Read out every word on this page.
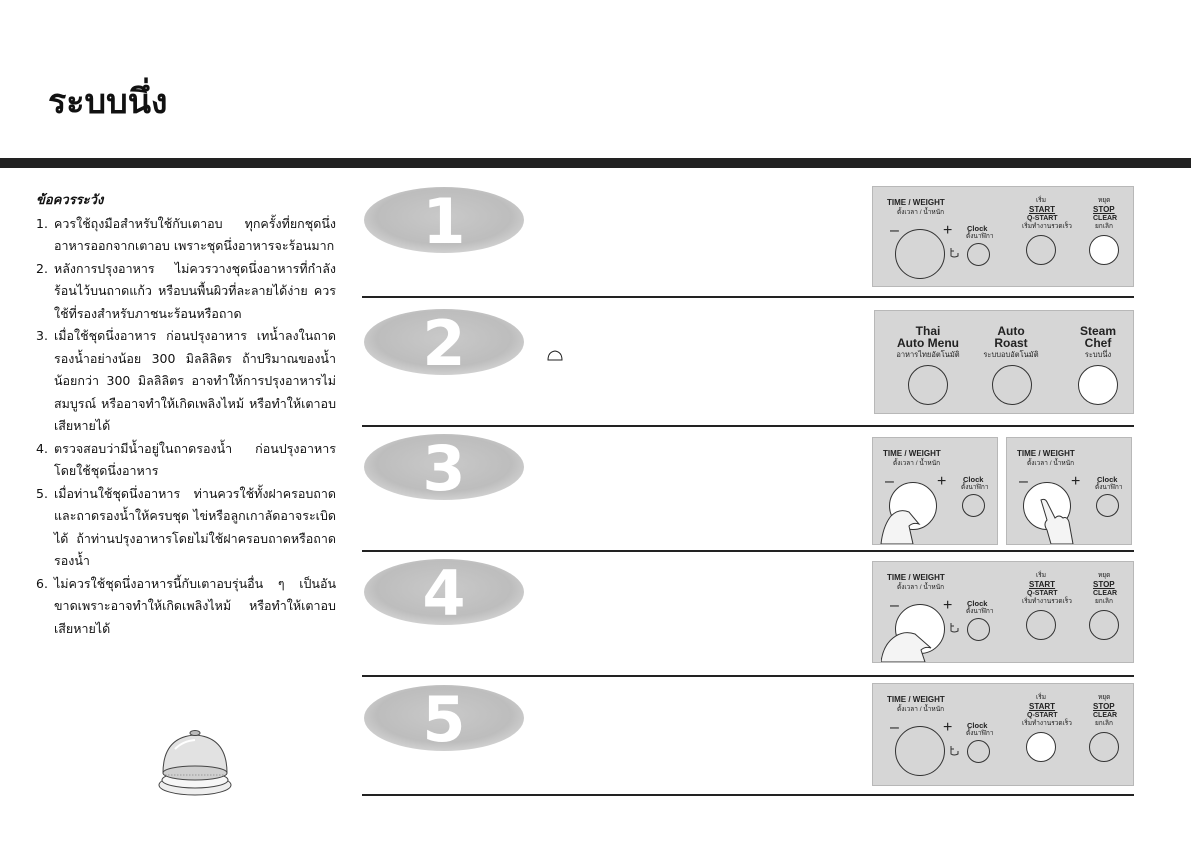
ระบบนึ่ง
ข้อควรระวัง
1. ควรใช้ถุงมือสำหรับใช้กับเตาอบ ทุกครั้งที่ยกชุดนึ่งอาหารออกจากเตาอบ เพราะชุดนึ่งอาหารจะร้อนมาก
2. หลังการปรุงอาหาร ไม่ควรวางชุดนึ่งอาหารที่กำลังร้อนไว้บนถาดแก้ว หรือบนพื้นผิวที่ละลายได้ง่าย ควรใช้ที่รองสำหรับภาชนะร้อนหรือถาด
3. เมื่อใช้ชุดนึ่งอาหาร ก่อนปรุงอาหาร เทน้ำลงในถาดรองน้ำอย่างน้อย 300 มิลลิลิตร ถ้าปริมาณของน้ำน้อยกว่า 300 มิลลิลิตร อาจทำให้การปรุงอาหารไม่สมบูรณ์ หรืออาจทำให้เกิดเพลิงไหม้ หรือทำให้เตาอบเสียหายได้
4. ตรวจสอบว่ามีน้ำอยู่ในถาดรองน้ำ ก่อนปรุงอาหารโดยใช้ชุดนึ่งอาหาร
5. เมื่อท่านใช้ชุดนึ่งอาหาร ท่านควรใช้ทั้งฝาครอบถาดและถาดรองน้ำให้ครบชุด ไข่หรือลูกเกาลัดอาจระเบิดได้ ถ้าท่านปรุงอาหารโดยไม่ใช้ฝาครอบถาดหรือถาดรองน้ำ
6. ไม่ควรใช้ชุดนึ่งอาหารนี้กับเตาอบรุ่นอื่น ๆ เป็นอันขาดเพราะอาจทำให้เกิดเพลิงไหม้ หรือทำให้เตาอบเสียหายได้
1	TIME / WEIGHT
ตั้งเวลา / น้ำหนัก
–	+ Clock
ตั้งนาฬิกา
เริ่ม
START
Q-START
เริ่มทำงานรวดเร็ว
หยุด
STOP
CLEAR
ยกเลิก
2	Thai
Auto Menu
อาหารไทยอัตโนมัติ
Auto
Roast
ระบบอบอัตโนมัติ
Steam
Chef
ระบบนึ่ง
3	TIME / WEIGHT
ตั้งเวลา / น้ำหนัก
–	+ Clock
ตั้งนาฬิกา
TIME / WEIGHT
ตั้งเวลา / น้ำหนัก
–	+ Clock
ตั้งนาฬิกา
4	TIME / WEIGHT
ตั้งเวลา / น้ำหนัก
–	+ Clock
ตั้งนาฬิกา
เริ่ม
START
Q-START
เริ่มทำงานรวดเร็ว
หยุด
STOP
CLEAR
ยกเลิก
5	TIME / WEIGHT
ตั้งเวลา / น้ำหนัก
–	+ Clock
ตั้งนาฬิกา
เริ่ม
START
Q-START
เริ่มทำงานรวดเร็ว
หยุด
STOP
CLEAR
ยกเลิก
